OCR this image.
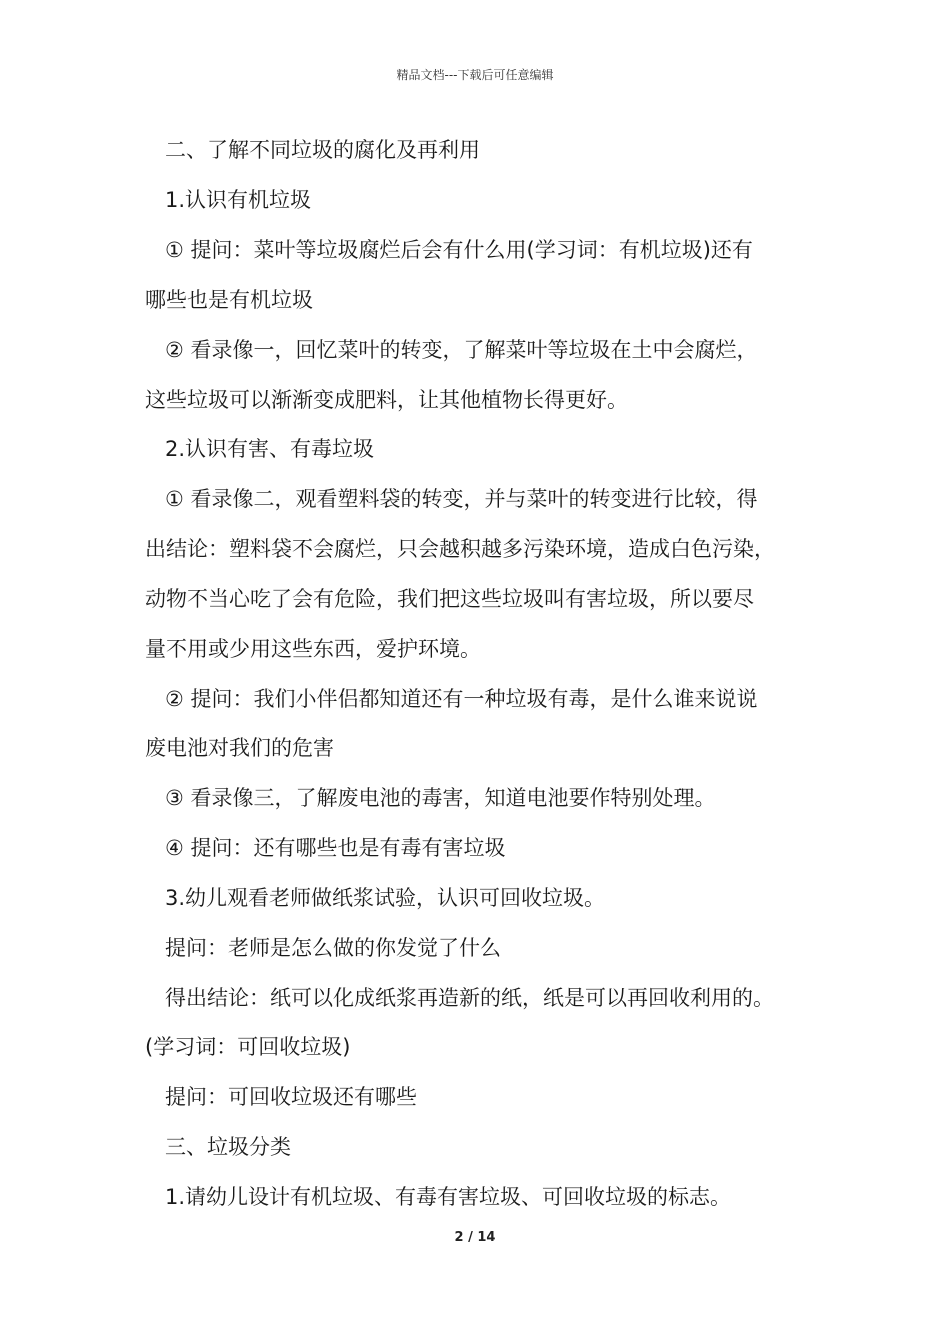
精品文档---下载后可任意编辑
二、了解不同垃圾的腐化及再利用
1.认识有机垃圾
① 提问：菜叶等垃圾腐烂后会有什么用(学习词：有机垃圾)还有
哪些也是有机垃圾
② 看录像一，回忆菜叶的转变，了解菜叶等垃圾在土中会腐烂，
这些垃圾可以渐渐变成肥料，让其他植物长得更好。
2.认识有害、有毒垃圾
① 看录像二，观看塑料袋的转变，并与菜叶的转变进行比较，得
出结论：塑料袋不会腐烂，只会越积越多污染环境，造成白色污染，
动物不当心吃了会有危险，我们把这些垃圾叫有害垃圾，所以要尽
量不用或少用这些东西，爱护环境。
② 提问：我们小伴侣都知道还有一种垃圾有毒，是什么谁来说说
废电池对我们的危害
③ 看录像三，了解废电池的毒害，知道电池要作特别处理。
④ 提问：还有哪些也是有毒有害垃圾
3.幼儿观看老师做纸浆试验，认识可回收垃圾。
提问：老师是怎么做的你发觉了什么
得出结论：纸可以化成纸浆再造新的纸，纸是可以再回收利用的。
(学习词：可回收垃圾)
提问：可回收垃圾还有哪些
三、垃圾分类
1.请幼儿设计有机垃圾、有毒有害垃圾、可回收垃圾的标志。
2 / 14
